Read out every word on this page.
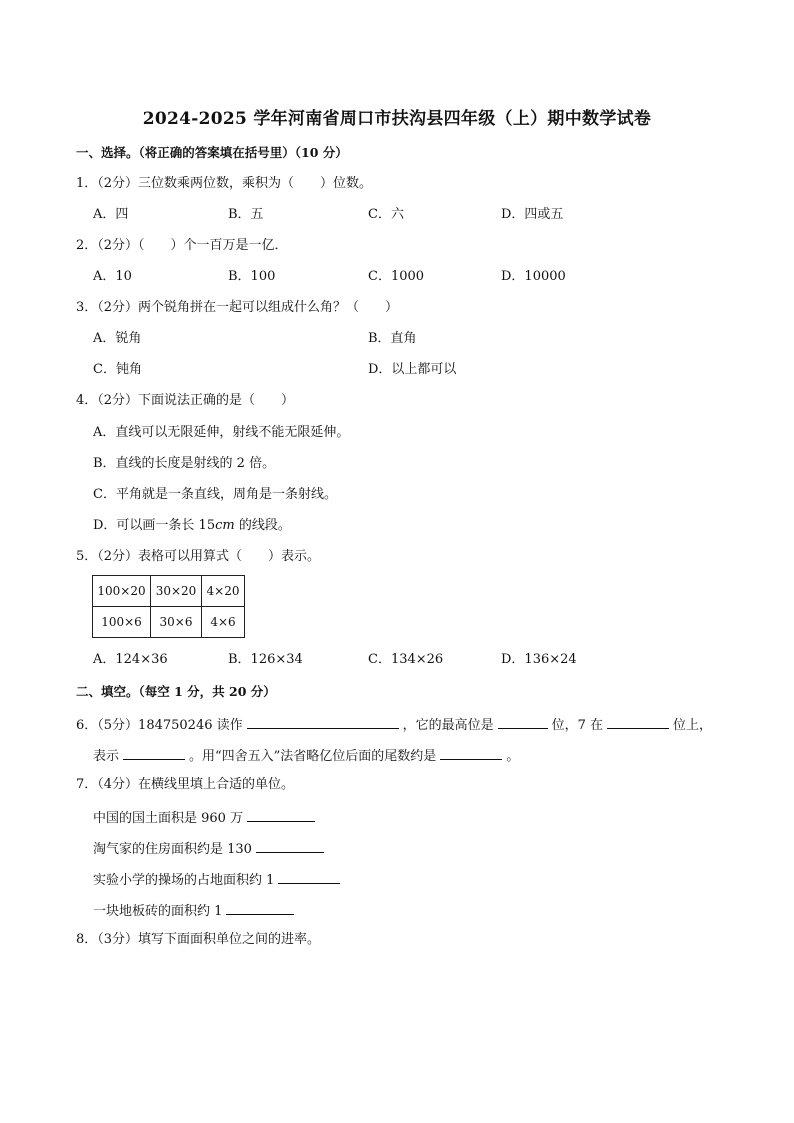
2024-2025 学年河南省周口市扶沟县四年级（上）期中数学试卷
一、选择。（将正确的答案填在括号里）（10 分）
1．（2分）三位数乘两位数，乘积为（　　）位数。
A．四	B．五	C．六	D．四或五
2．（2分）（　　）个一百万是一亿．
A．10	B．100	C．1000	D．10000
3．（2分）两个锐角拼在一起可以组成什么角？（　　）
A．锐角	B．直角
C．钝角	D．以上都可以
4．（2分）下面说法正确的是（　　）
A．直线可以无限延伸，射线不能无限延伸。
B．直线的长度是射线的 2 倍。
C．平角就是一条直线，周角是一条射线。
D．可以画一条长 15cm 的线段。
5．（2分）表格可以用算式（　　）表示。
100×20	30×20	4×20
100×6	30×6	4×6
A．124×36	B．126×34	C．134×26	D．136×24
二、填空。（每空 1 分，共 20 分）
6．（5分）184750246 读作	，它的最高位是	位，7 在	位上，
表示	。用“四舍五入”法省略亿位后面的尾数约是	。
7．（4分）在横线里填上合适的单位。
中国的国土面积是 960 万
淘气家的住房面积约是 130
实验小学的操场的占地面积约 1
一块地板砖的面积约 1
8．（3分）填写下面面积单位之间的进率。
